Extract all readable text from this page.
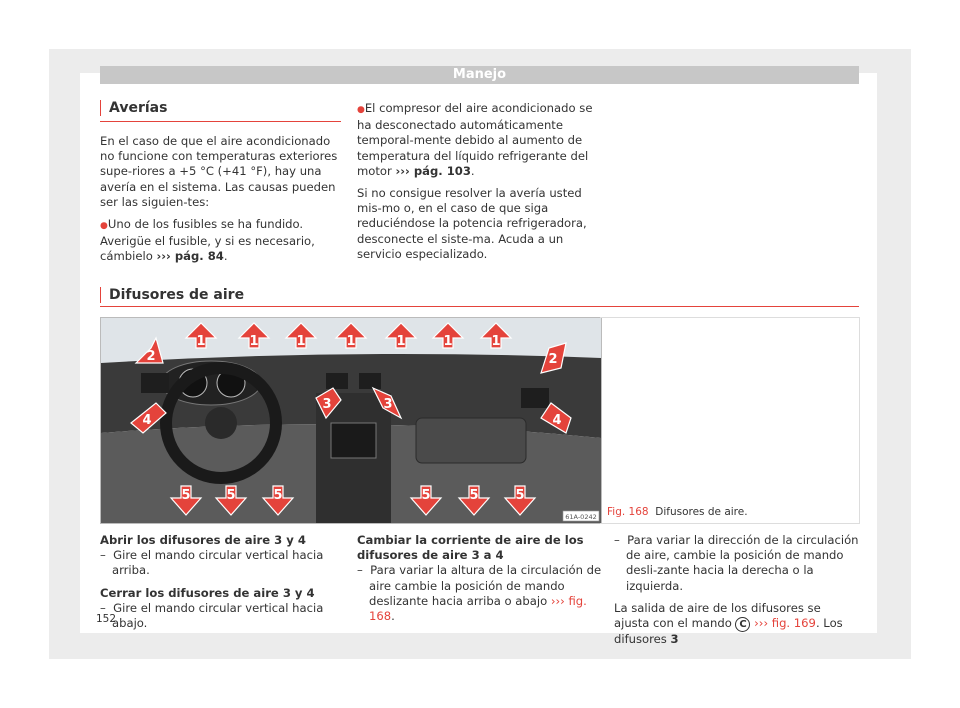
Manejo
Averías

En el caso de que el aire acondicionado no funcione con temperaturas exteriores supe-riores a +5 °C (+41 °F), hay una avería en el sistema. Las causas pueden ser las siguien-tes:

● Uno de los fusibles se ha fundido. Averigüe el fusible, y si es necesario, cámbielo ››› pág. 84.

● El compresor del aire acondicionado se ha desconectado automáticamente temporal-mente debido al aumento de temperatura del líquido refrigerante del motor ››› pág. 103.

Si no consigue resolver la avería usted mis-mo o, en el caso de que siga reduciéndose la potencia refrigeradora, desconecte el siste-ma. Acuda a un servicio especializado.

Difusores de aire
1	1	1	1	1	1	1
2	2
3	3
4	4
5	5	5	5	5	5
61A-0242 Fig. 168 Difusores de aire.

Abrir los difusores de aire 3 y 4

–  Gire el mando circular vertical hacia arriba.

Cerrar los difusores de aire 3 y 4

–  Gire el mando circular vertical hacia abajo.

Cambiar la corriente de aire de los difusores de aire 3 a 4

–  Para variar la altura de la circulación de aire cambie la posición de mando deslizante hacia arriba o abajo ››› fig. 168.

–  Para variar la dirección de la circulación de aire, cambie la posición de mando desli-zante hacia la derecha o la izquierda.

La salida de aire de los difusores se ajusta con el mando C ››› fig. 169. Los difusores 3

152
